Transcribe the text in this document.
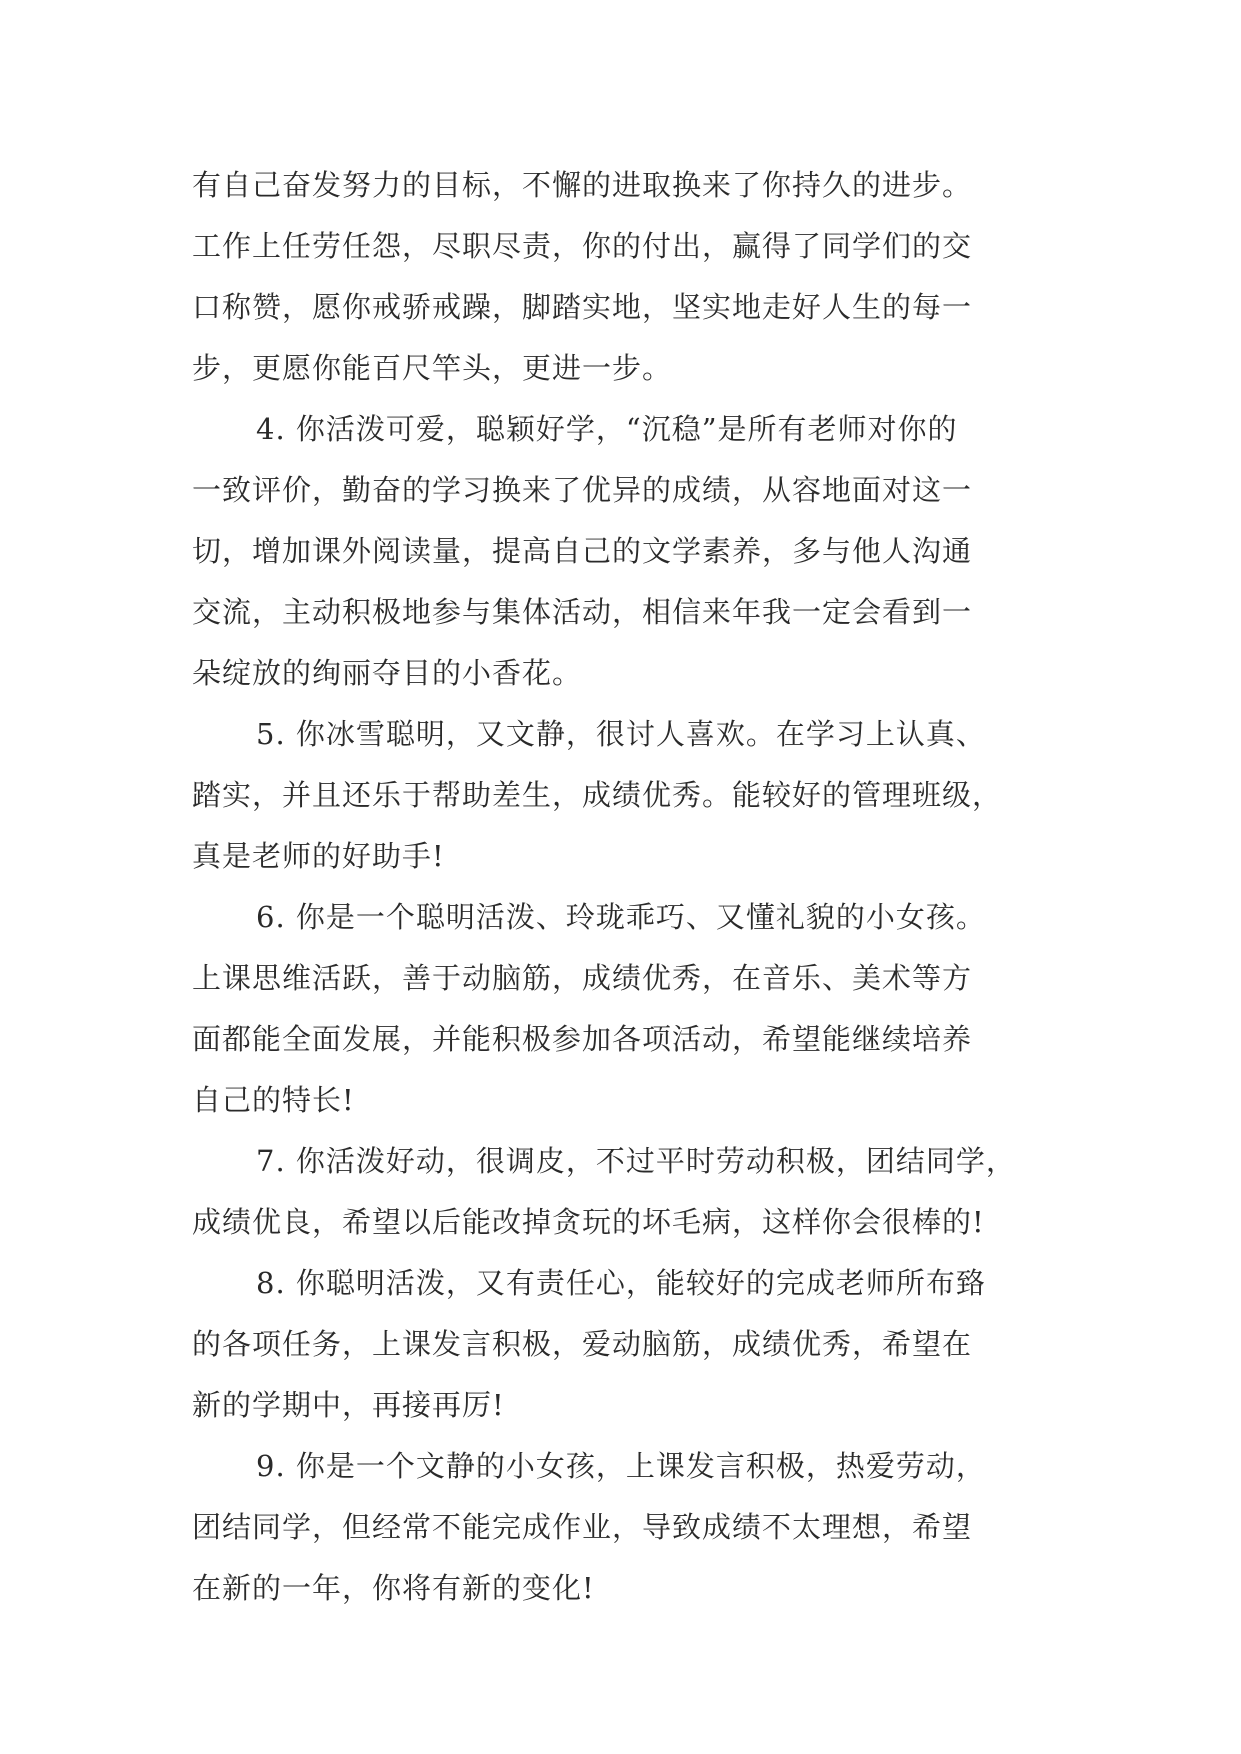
有自己奋发努力的目标，不懈的进取换来了你持久的进步。
工作上任劳任怨，尽职尽责，你的付出，赢得了同学们的交
口称赞，愿你戒骄戒躁，脚踏实地，坚实地走好人生的每一
步，更愿你能百尺竿头，更进一步。
4. 你活泼可爱，聪颖好学，“沉稳”是所有老师对你的
一致评价，勤奋的学习换来了优异的成绩，从容地面对这一
切，增加课外阅读量，提高自己的文学素养，多与他人沟通
交流，主动积极地参与集体活动，相信来年我一定会看到一
朵绽放的绚丽夺目的小香花。
5. 你冰雪聪明，又文静，很讨人喜欢。在学习上认真、
踏实，并且还乐于帮助差生，成绩优秀。能较好的管理班级，
真是老师的好助手!
6. 你是一个聪明活泼、玲珑乖巧、又懂礼貌的小女孩。
上课思维活跃，善于动脑筋，成绩优秀，在音乐、美术等方
面都能全面发展，并能积极参加各项活动，希望能继续培养
自己的特长!
7. 你活泼好动，很调皮，不过平时劳动积极，团结同学，
成绩优良，希望以后能改掉贪玩的坏毛病，这样你会很棒的!
8. 你聪明活泼，又有责任心，能较好的完成老师所布臵
的各项任务，上课发言积极，爱动脑筋，成绩优秀，希望在
新的学期中，再接再厉!
9. 你是一个文静的小女孩，上课发言积极，热爱劳动，
团结同学，但经常不能完成作业，导致成绩不太理想，希望
在新的一年，你将有新的变化!
